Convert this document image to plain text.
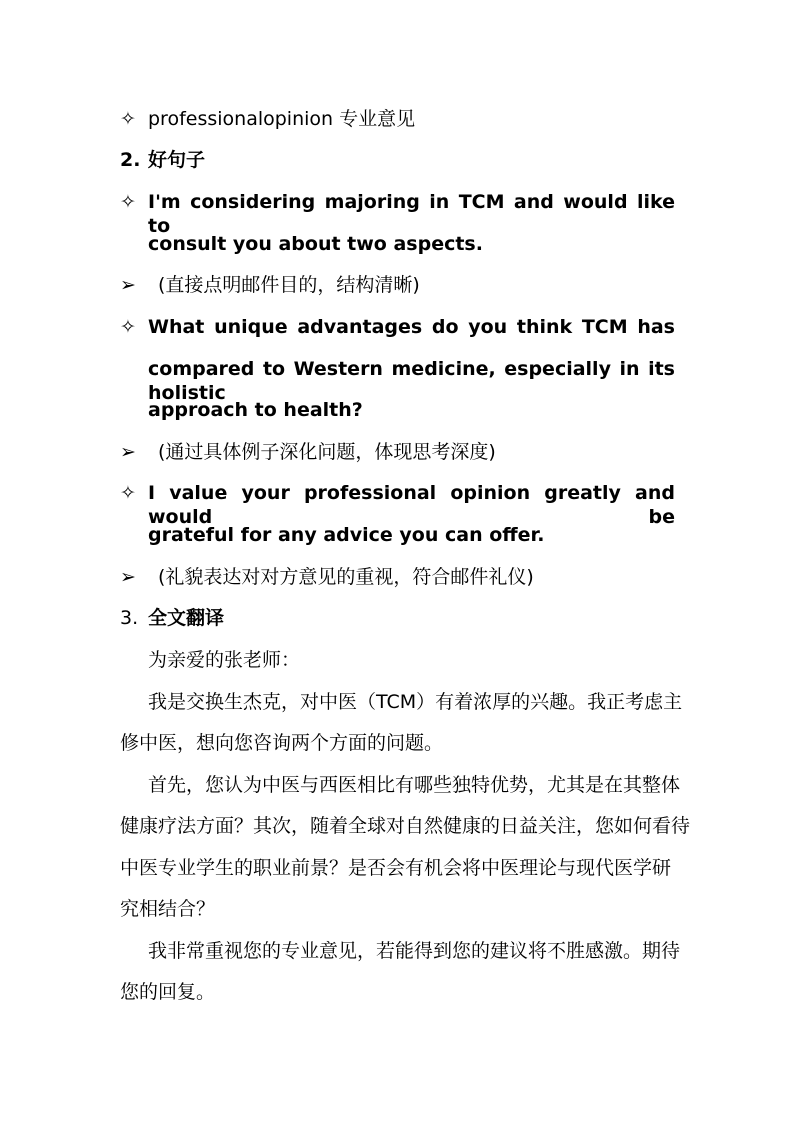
✧ professionalopinion 专业意见
2. 好句子
✧ I'm considering majoring in TCM and would like to
consult you about two aspects.
➢	(直接点明邮件目的，结构清晰)
✧ What unique advantages do you think TCM has
compared to Western medicine, especially in its holistic
approach to health?
➢	(通过具体例子深化问题，体现思考深度)
✧ I value your professional opinion greatly and would be
grateful for any advice you can offer.
➢	(礼貌表达对对方意见的重视，符合邮件礼仪)
3. 全文翻译
为亲爱的张老师：
我是交换生杰克，对中医（TCM）有着浓厚的兴趣。我正考虑主
修中医，想向您咨询两个方面的问题。
首先，您认为中医与西医相比有哪些独特优势，尤其是在其整体
健康疗法方面？其次，随着全球对自然健康的日益关注，您如何看待
中医专业学生的职业前景？是否会有机会将中医理论与现代医学研
究相结合？
我非常重视您的专业意见，若能得到您的建议将不胜感激。期待
您的回复。
